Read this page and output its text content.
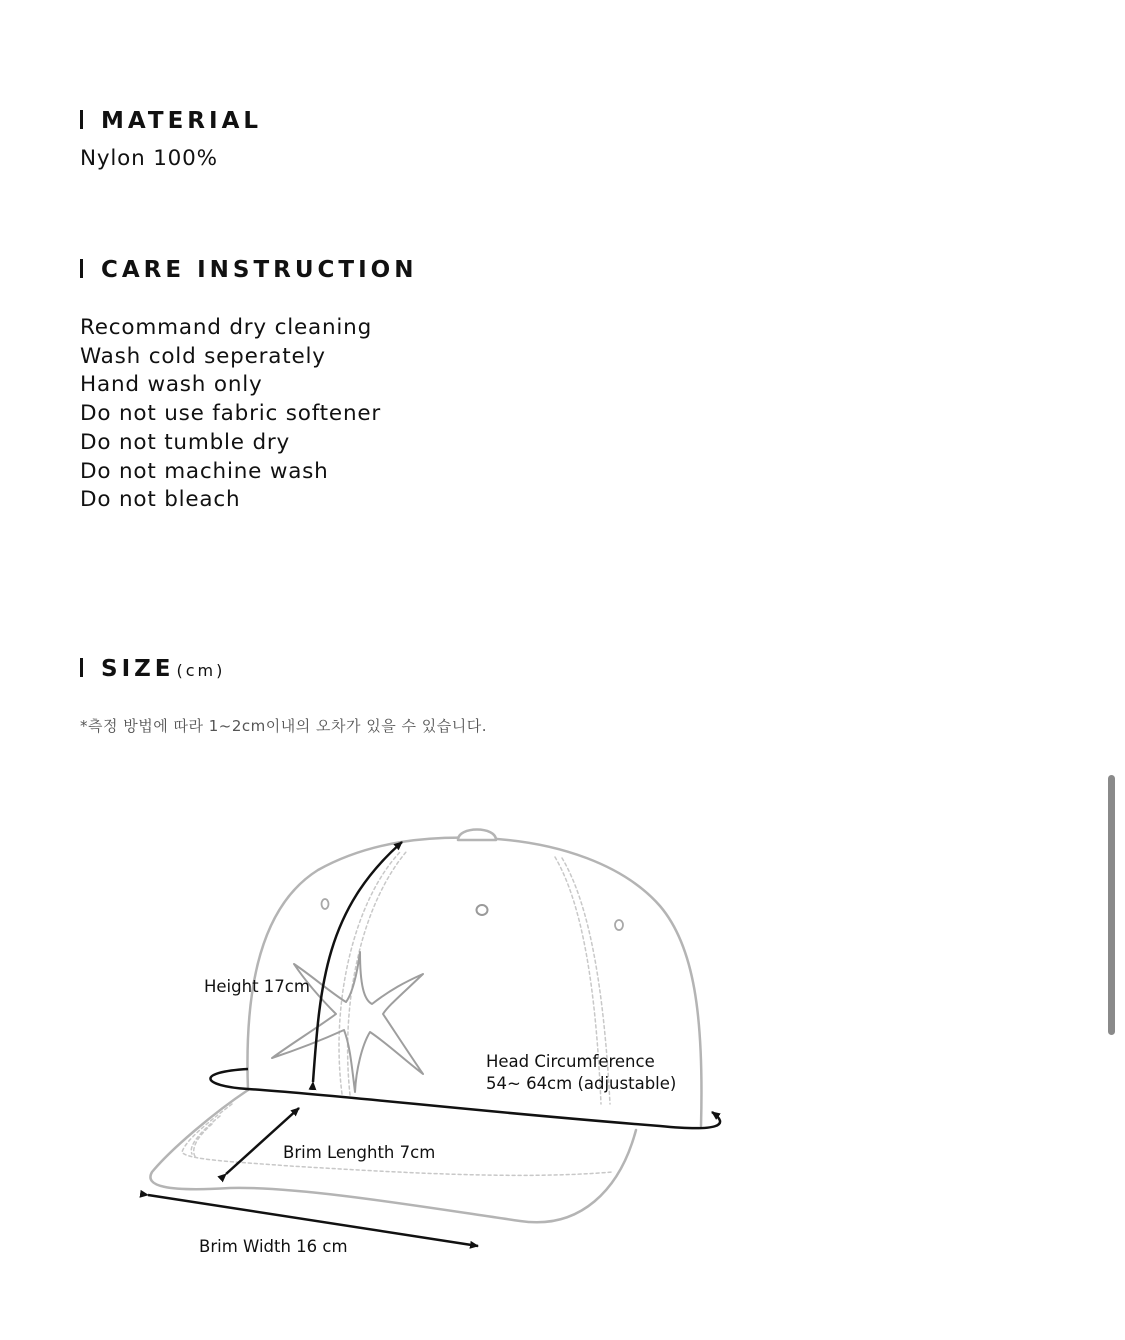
MATERIAL
Nylon 100%
CARE INSTRUCTION
Recommand dry cleaning
Wash cold seperately
Hand wash only
Do not use fabric softener
Do not tumble dry
Do not machine wash
Do not bleach
SIZE (cm)
*측정 방법에 따라 1~2cm이내의 오차가 있을 수 있습니다.
Height 17cm
Head Circumference
54~ 64cm (adjustable)
Brim Lenghth 7cm
Brim Width 16 cm
